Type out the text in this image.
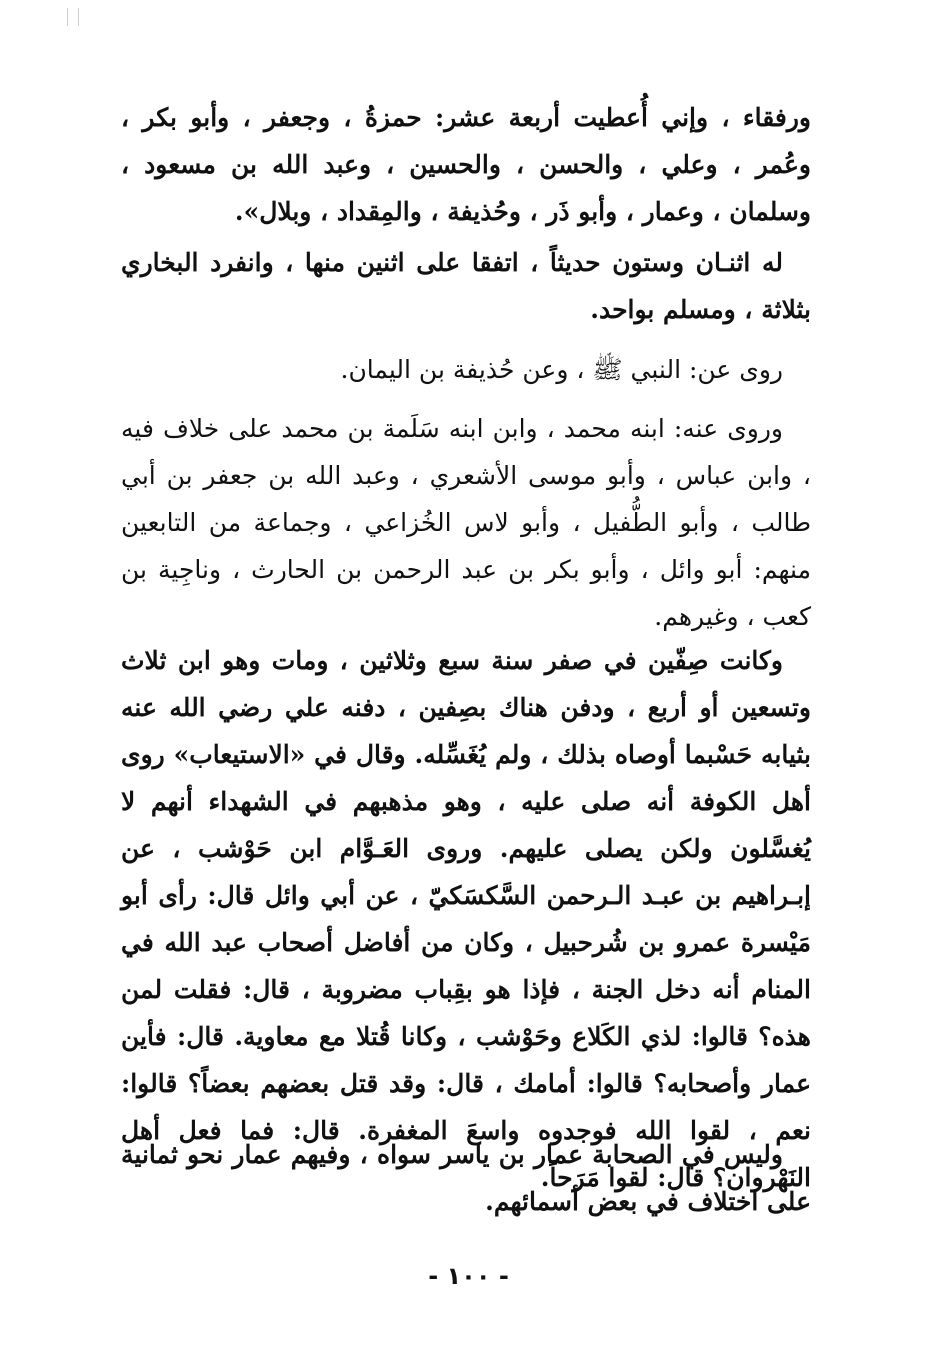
ورفقاء ، وإني أُعطيت أربعة عشر: حمزةُ ، وجعفر ، وأبو بكر ، وعُمر ، وعلي ، والحسن ، والحسين ، وعبد الله بن مسعود ، وسلمان ، وعمار ، وأبو ذَر ، وحُذيفة ، والمِقداد ، وبلال».

له اثنـان وستون حديثاً ، اتفقا على اثنين منها ، وانفرد البخاري بثلاثة ، ومسلم بواحد.

روى عن: النبي ﷺ ، وعن حُذيفة بن اليمان.

وروى عنه: ابنه محمد ، وابن ابنه سَلَمة بن محمد على خلاف فيه ، وابن عباس ، وأبو موسى الأشعري ، وعبد الله بن جعفر بن أبي طالب ، وأبو الطُّفيل ، وأبو لاس الخُزاعي ، وجماعة من التابعين منهم: أبو وائل ، وأبو بكر بن عبد الرحمن بن الحارث ، وناجِية بن كعب ، وغيرهم.

وكانت صِفّين في صفر سنة سبع وثلاثين ، ومات وهو ابن ثلاث وتسعين أو أربع ، ودفن هناك بصِفين ، دفنه علي رضي الله عنه بثيابه حَسْبما أوصاه بذلك ، ولم يُغَسِّله. وقال في «الاستيعاب» روى أهل الكوفة أنه صلى عليه ، وهو مذهبهم في الشهداء أنهم لا يُغسَّلون ولكن يصلى عليهم. وروى العَـوَّام ابن حَوْشب ، عن إبـراهيم بن عبـد الـرحمن السَّكسَكيّ ، عن أبي وائل قال: رأى أبو مَيْسرة عمرو بن شُرحبيل ، وكان من أفاضل أصحاب عبد الله في المنام أنه دخل الجنة ، فإذا هو بقِباب مضروبة ، قال: فقلت لمن هذه؟ قالوا: لذي الكَلاع وحَوْشب ، وكانا قُتلا مع معاوية. قال: فأين عمار وأصحابه؟ قالوا: أمامك ، قال: وقد قتل بعضهم بعضاً؟ قالوا: نعم ، لقوا الله فوجدوه واسعَ المغفرة. قال: فما فعل أهل النَهْروان؟ قال: لقوا مَرَحاً.

وليس في الصحابة عمار بن ياسر سواه ، وفيهم عمار نحو ثمانية على اختلاف في بعض أسمائهم.

- ١٠٠ -
